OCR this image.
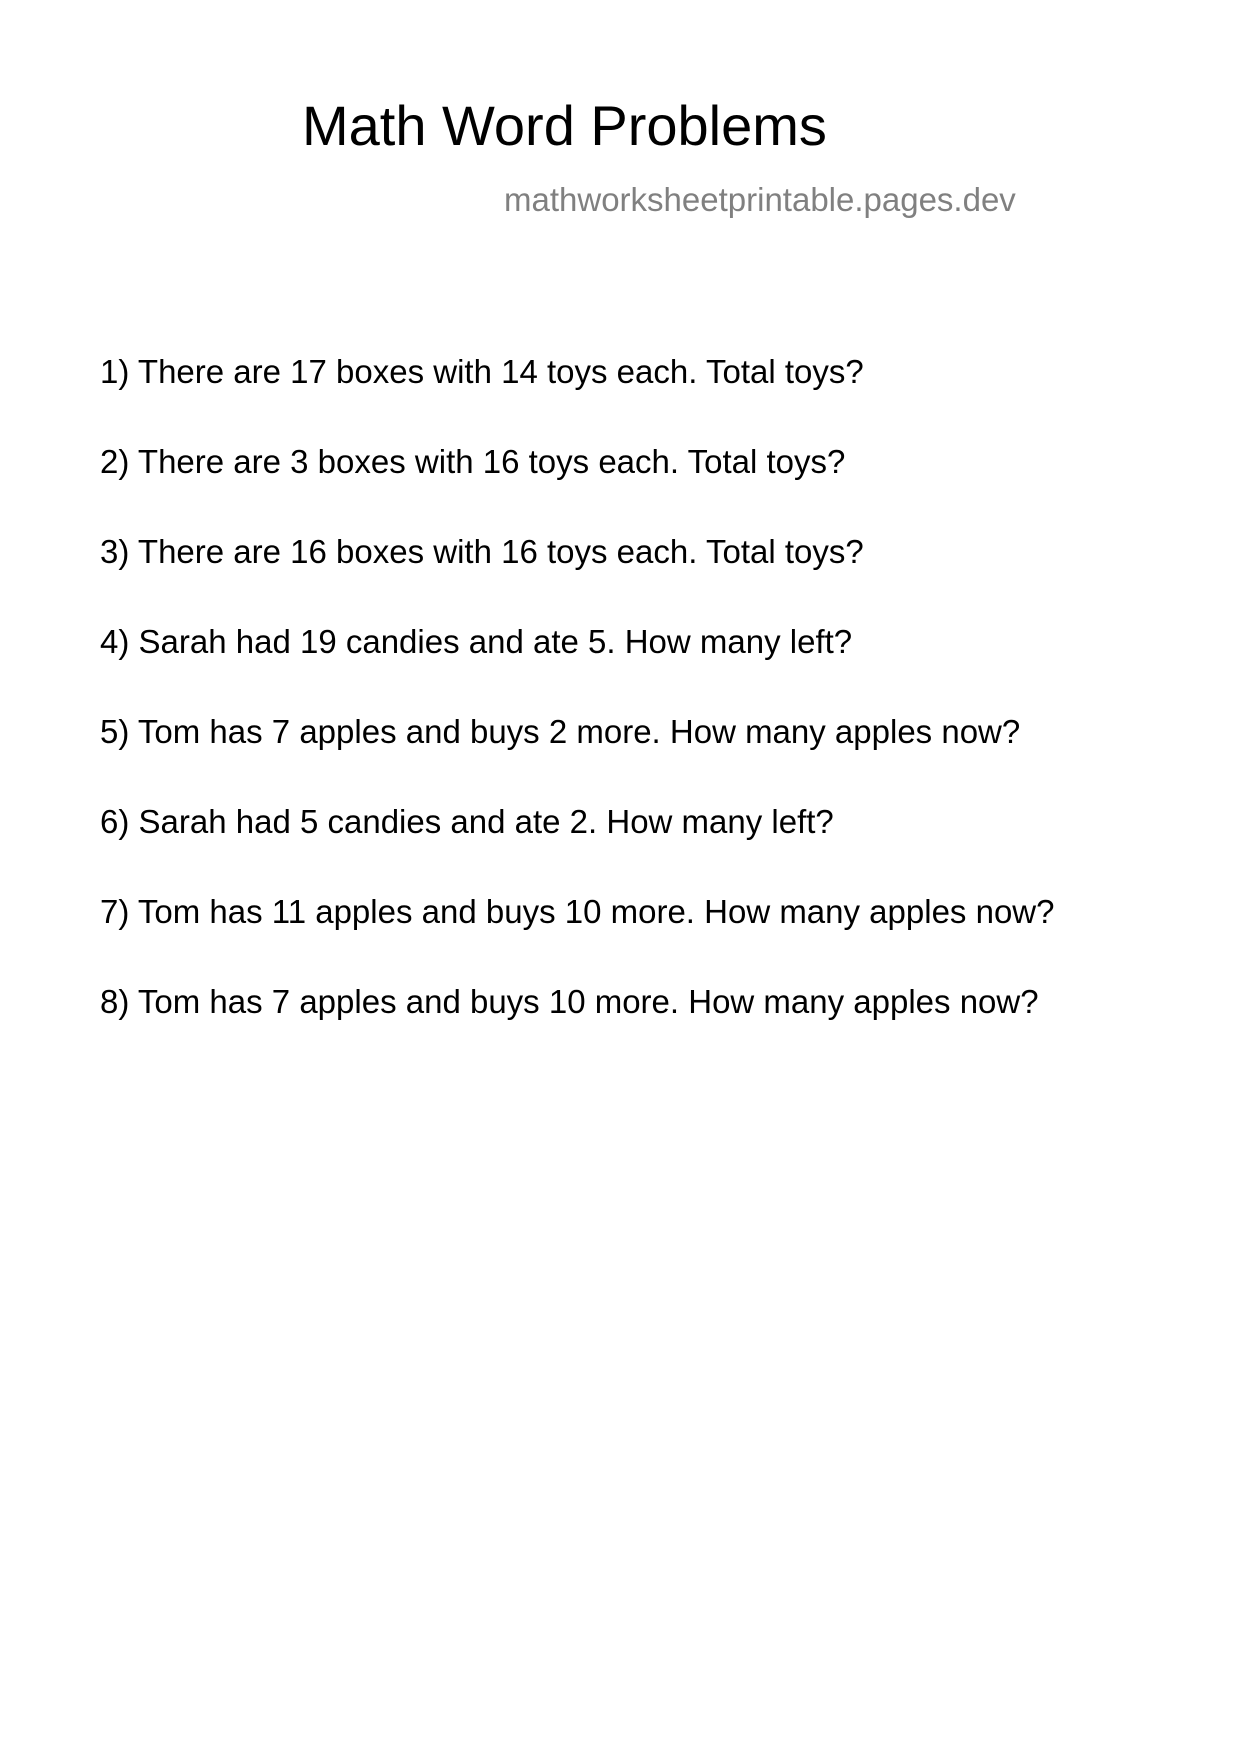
Math Word Problems
mathworksheetprintable.pages.dev
1) There are 17 boxes with 14 toys each. Total toys?
2) There are 3 boxes with 16 toys each. Total toys?
3) There are 16 boxes with 16 toys each. Total toys?
4) Sarah had 19 candies and ate 5. How many left?
5) Tom has 7 apples and buys 2 more. How many apples now?
6) Sarah had 5 candies and ate 2. How many left?
7) Tom has 11 apples and buys 10 more. How many apples now?
8) Tom has 7 apples and buys 10 more. How many apples now?
